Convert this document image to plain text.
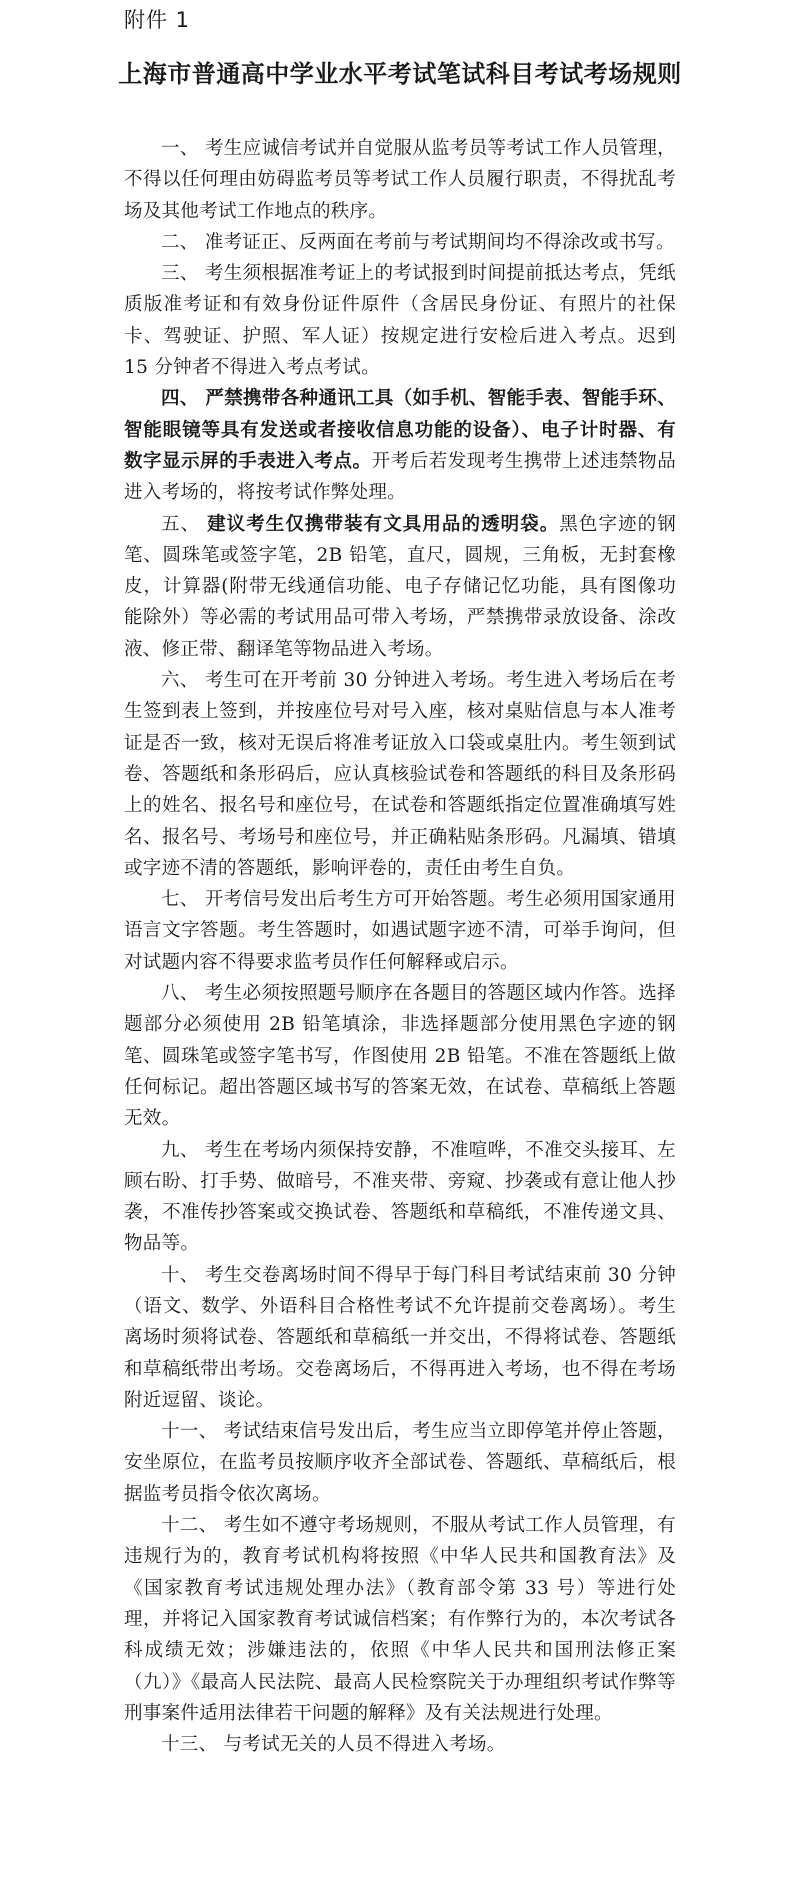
附件 1
上海市普通高中学业水平考试笔试科目考试考场规则

一、 考生应诚信考试并自觉服从监考员等考试工作人员管理，不得以任何理由妨碍监考员等考试工作人员履行职责，不得扰乱考场及其他考试工作地点的秩序。

二、 准考证正、反两面在考前与考试期间均不得涂改或书写。

三、 考生须根据准考证上的考试报到时间提前抵达考点，凭纸质版准考证和有效身份证件原件（含居民身份证、有照片的社保卡、驾驶证、护照、军人证）按规定进行安检后进入考点。迟到 15 分钟者不得进入考点考试。

四、 严禁携带各种通讯工具（如手机、智能手表、智能手环、智能眼镜等具有发送或者接收信息功能的设备）、电子计时器、有数字显示屏的手表进入考点。开考后若发现考生携带上述违禁物品进入考场的，将按考试作弊处理。

五、 建议考生仅携带装有文具用品的透明袋。黑色字迹的钢笔、圆珠笔或签字笔，2B 铅笔，直尺，圆规，三角板，无封套橡皮，计算器(附带无线通信功能、电子存储记忆功能，具有图像功能除外）等必需的考试用品可带入考场，严禁携带录放设备、涂改液、修正带、翻译笔等物品进入考场。

六、 考生可在开考前 30 分钟进入考场。考生进入考场后在考生签到表上签到，并按座位号对号入座，核对桌贴信息与本人准考证是否一致，核对无误后将准考证放入口袋或桌肚内。考生领到试卷、答题纸和条形码后，应认真核验试卷和答题纸的科目及条形码上的姓名、报名号和座位号，在试卷和答题纸指定位置准确填写姓名、报名号、考场号和座位号，并正确粘贴条形码。凡漏填、错填或字迹不清的答题纸，影响评卷的，责任由考生自负。

七、 开考信号发出后考生方可开始答题。考生必须用国家通用语言文字答题。考生答题时，如遇试题字迹不清，可举手询问，但对试题内容不得要求监考员作任何解释或启示。

八、 考生必须按照题号顺序在各题目的答题区域内作答。选择题部分必须使用 2B 铅笔填涂，非选择题部分使用黑色字迹的钢笔、圆珠笔或签字笔书写，作图使用 2B 铅笔。不准在答题纸上做任何标记。超出答题区域书写的答案无效，在试卷、草稿纸上答题无效。

九、 考生在考场内须保持安静，不准喧哗，不准交头接耳、左顾右盼、打手势、做暗号，不准夹带、旁窥、抄袭或有意让他人抄袭，不准传抄答案或交换试卷、答题纸和草稿纸，不准传递文具、物品等。

十、 考生交卷离场时间不得早于每门科目考试结束前 30 分钟（语文、数学、外语科目合格性考试不允许提前交卷离场）。考生离场时须将试卷、答题纸和草稿纸一并交出，不得将试卷、答题纸和草稿纸带出考场。交卷离场后，不得再进入考场，也不得在考场附近逗留、谈论。

十一、 考试结束信号发出后，考生应当立即停笔并停止答题，安坐原位，在监考员按顺序收齐全部试卷、答题纸、草稿纸后，根据监考员指令依次离场。

十二、 考生如不遵守考场规则，不服从考试工作人员管理，有违规行为的，教育考试机构将按照《中华人民共和国教育法》及《国家教育考试违规处理办法》（教育部令第 33 号）等进行处理，并将记入国家教育考试诚信档案；有作弊行为的，本次考试各科成绩无效；涉嫌违法的，依照《中华人民共和国刑法修正案（九）》《最高人民法院、最高人民检察院关于办理组织考试作弊等刑事案件适用法律若干问题的解释》及有关法规进行处理。

十三、 与考试无关的人员不得进入考场。
